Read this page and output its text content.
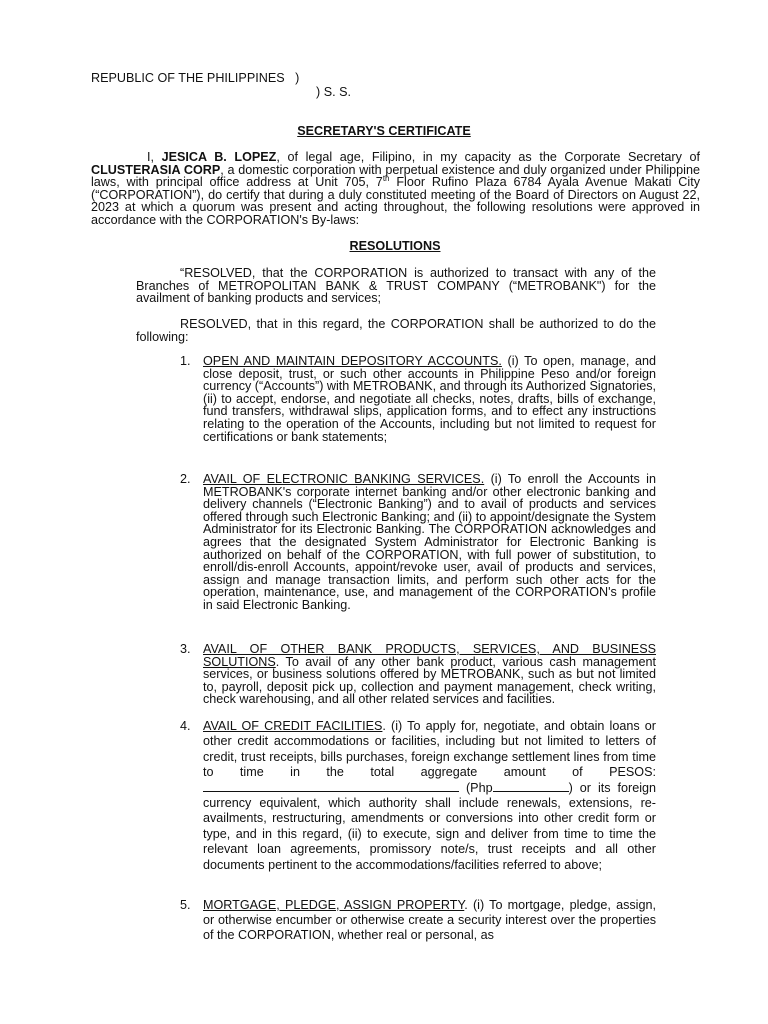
REPUBLIC OF THE PHILIPPINES   )
) S. S.
SECRETARY'S CERTIFICATE
I, JESICA B. LOPEZ, of legal age, Filipino, in my capacity as the Corporate Secretary of CLUSTERASIA CORP, a domestic corporation with perpetual existence and duly organized under Philippine laws, with principal office address at Unit 705, 7th Floor Rufino Plaza 6784 Ayala Avenue Makati City (“CORPORATION”), do certify that during a duly constituted meeting of the Board of Directors on August 22, 2023 at which a quorum was present and acting throughout, the following resolutions were approved in accordance with the CORPORATION's By-laws:
RESOLUTIONS
“RESOLVED, that the CORPORATION is authorized to transact with any of the Branches of METROPOLITAN BANK & TRUST COMPANY (“METROBANK") for the availment of banking products and services;
RESOLVED, that in this regard, the CORPORATION shall be authorized to do the following:
1. OPEN AND MAINTAIN DEPOSITORY ACCOUNTS. (i) To open, manage, and close deposit, trust, or such other accounts in Philippine Peso and/or foreign currency (“Accounts”) with METROBANK, and through its Authorized Signatories, (ii) to accept, endorse, and negotiate all checks, notes, drafts, bills of exchange, fund transfers, withdrawal slips, application forms, and to effect any instructions relating to the operation of the Accounts, including but not limited to request for certifications or bank statements;
2. AVAIL OF ELECTRONIC BANKING SERVICES. (i) To enroll the Accounts in METROBANK's corporate internet banking and/or other electronic banking and delivery channels (“Electronic Banking”) and to avail of products and services offered through such Electronic Banking; and (ii) to appoint/designate the System Administrator for its Electronic Banking. The CORPORATION acknowledges and agrees that the designated System Administrator for Electronic Banking is authorized on behalf of the CORPORATION, with full power of substitution, to enroll/dis-enroll Accounts, appoint/revoke user, avail of products and services, assign and manage transaction limits, and perform such other acts for the operation, maintenance, use, and management of the CORPORATION's profile in said Electronic Banking.
3. AVAIL OF OTHER BANK PRODUCTS, SERVICES, AND BUSINESS SOLUTIONS. To avail of any other bank product, various cash management services, or business solutions offered by METROBANK, such as but not limited to, payroll, deposit pick up, collection and payment management, check writing, check warehousing, and all other related services and facilities.
4. AVAIL OF CREDIT FACILITIES. (i) To apply for, negotiate, and obtain loans or other credit accommodations or facilities, including but not limited to letters of credit, trust receipts, bills purchases, foreign exchange settlement lines from time to time in the total aggregate amount of PESOS: (Php	) or its foreign currency equivalent, which authority shall include renewals, extensions, re-availments, restructuring, amendments or conversions into other credit form or type, and in this regard, (ii) to execute, sign and deliver from time to time the relevant loan agreements, promissory note/s, trust receipts and all other documents pertinent to the accommodations/facilities referred to above;
5. MORTGAGE, PLEDGE, ASSIGN PROPERTY. (i) To mortgage, pledge, assign, or otherwise encumber or otherwise create a security interest over the properties of the CORPORATION, whether real or personal, as
